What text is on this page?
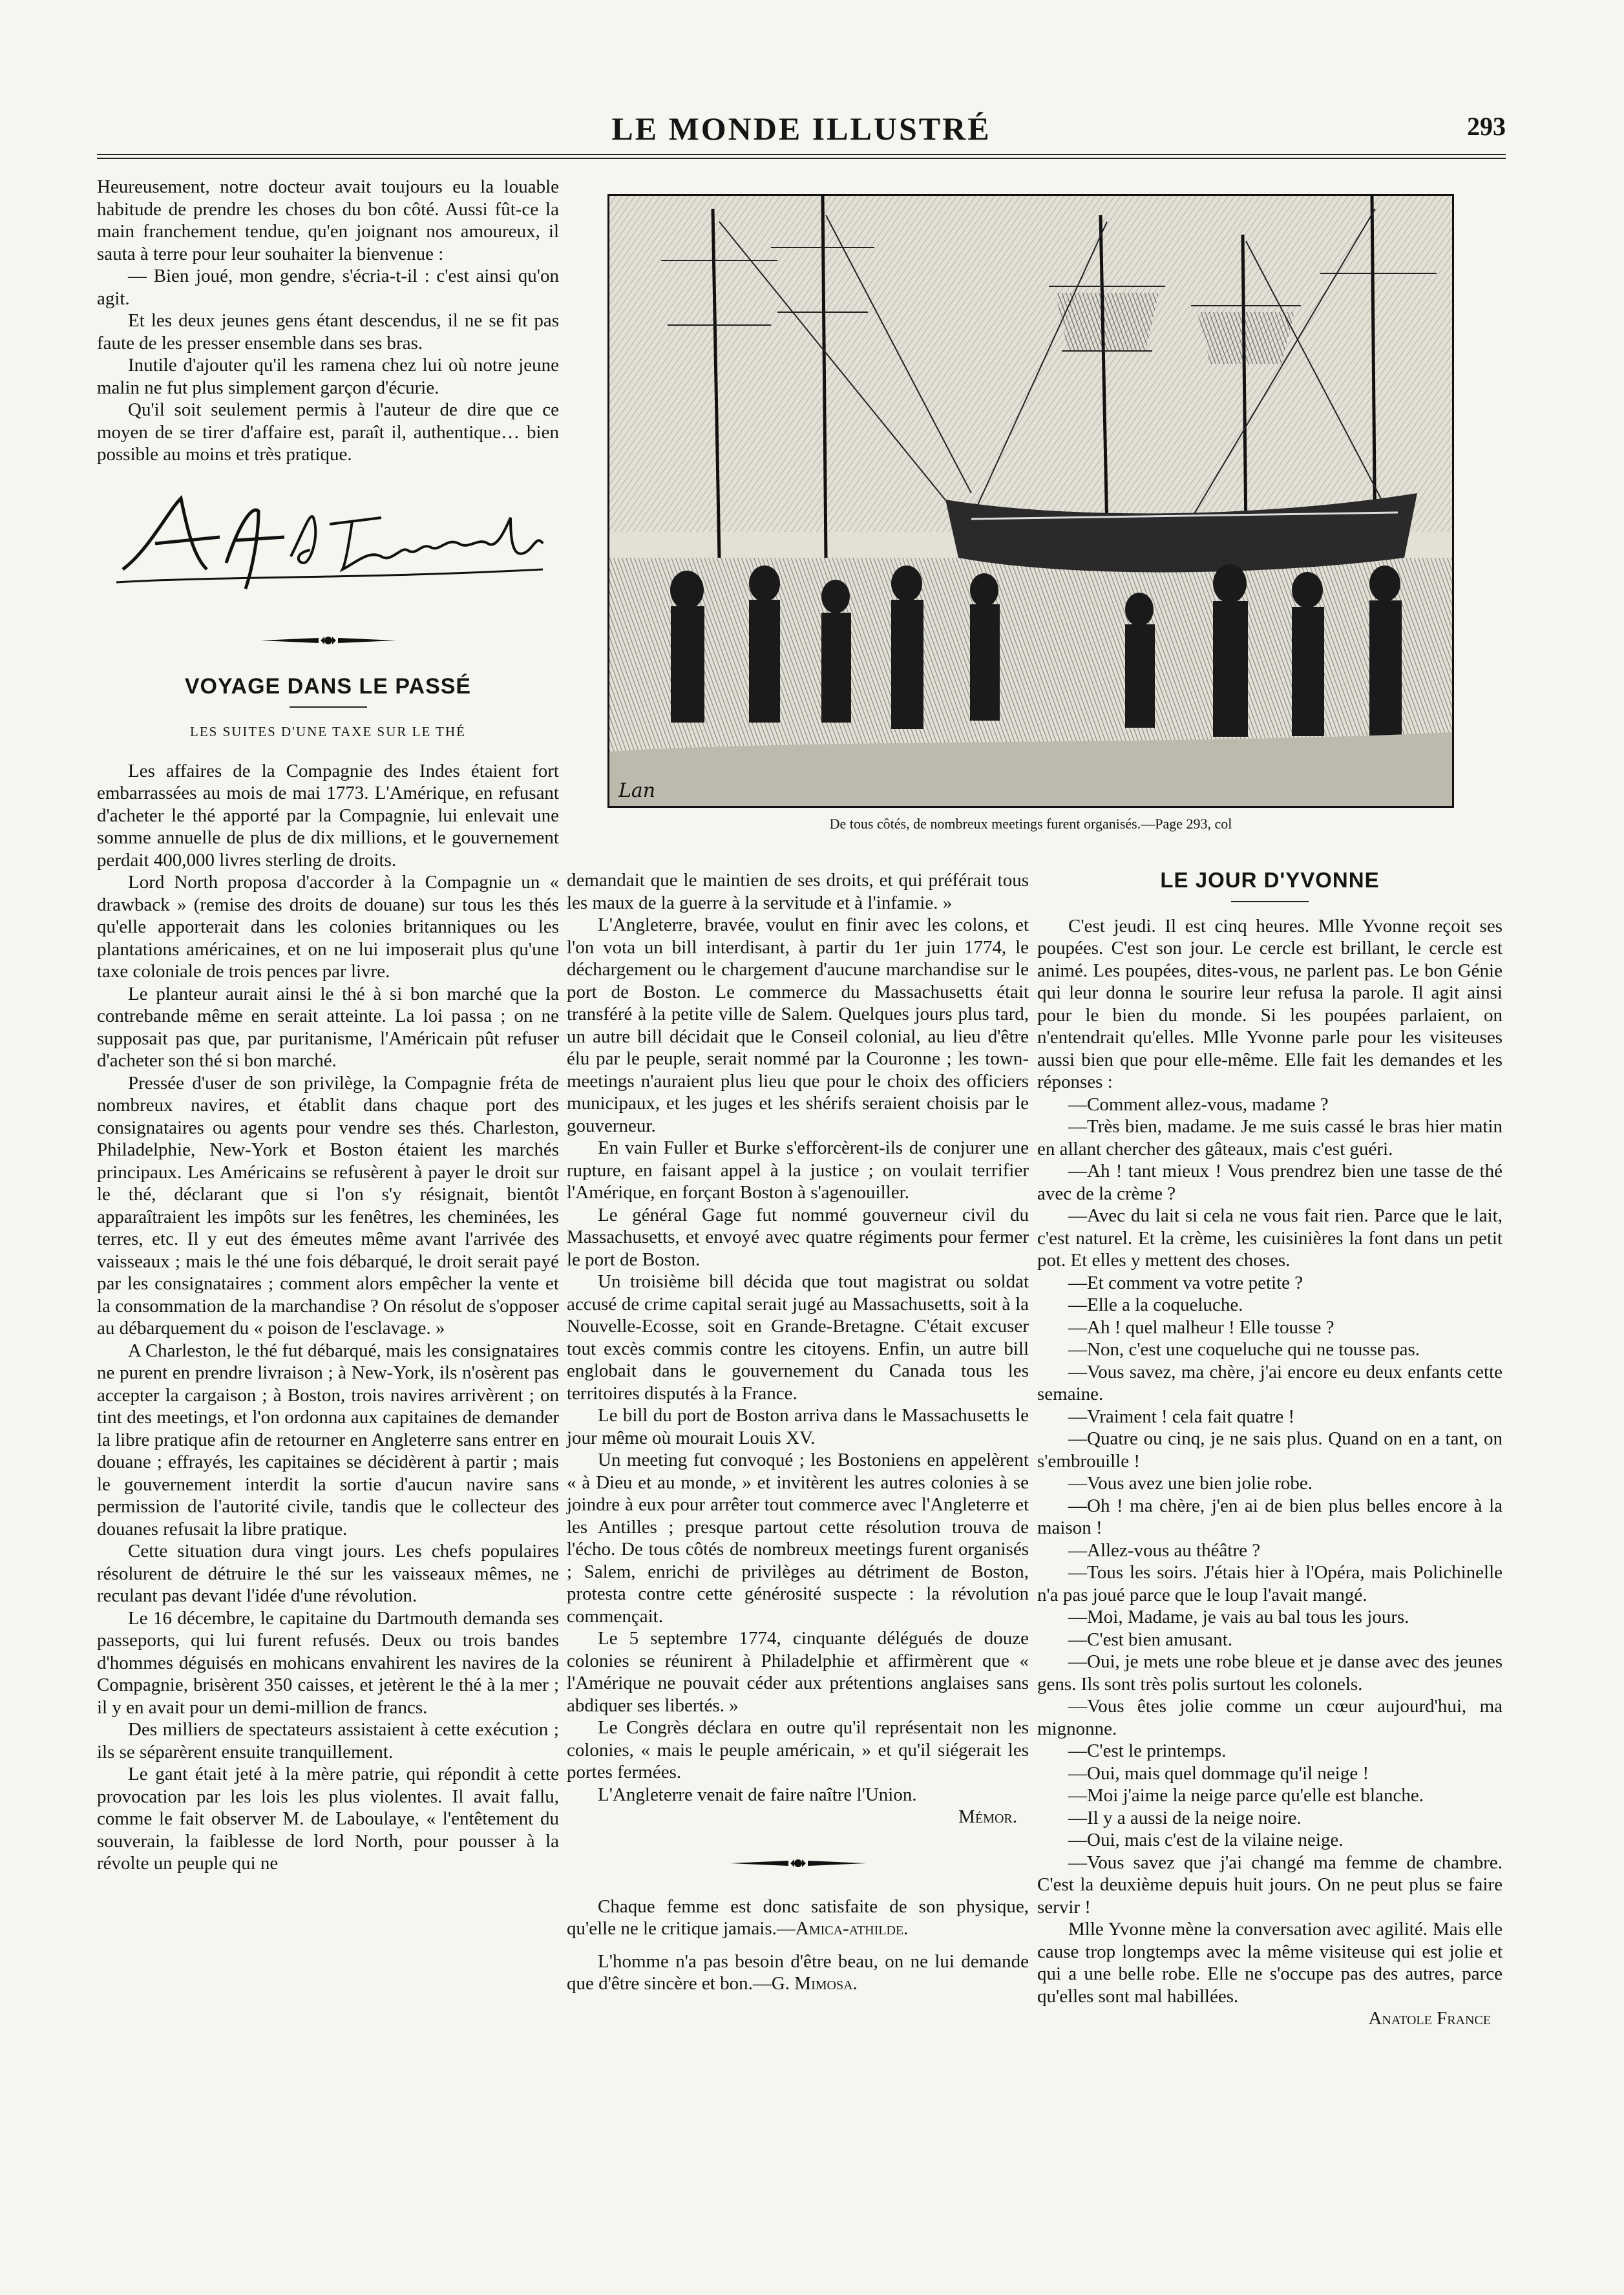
LE MONDE ILLUSTRÉ	293

Heureusement, notre docteur avait toujours eu la louable habitude de prendre les choses du bon côté. Aussi fût-ce la main franchement tendue, qu'en joignant nos amoureux, il sauta à terre pour leur souhaiter la bienvenue :

— Bien joué, mon gendre, s'écria-t-il : c'est ainsi qu'on agit.

Et les deux jeunes gens étant descendus, il ne se fit pas faute de les presser ensemble dans ses bras.

Inutile d'ajouter qu'il les ramena chez lui où notre jeune malin ne fut plus simplement garçon d'écurie.

Qu'il soit seulement permis à l'auteur de dire que ce moyen de se tirer d'affaire est, paraît il, authentique… bien possible au moins et très pratique.

VOYAGE DANS LE PASSÉ
LES SUITES D'UNE TAXE SUR LE THÉ

Les affaires de la Compagnie des Indes étaient fort embarrassées au mois de mai 1773. L'Amérique, en refusant d'acheter le thé apporté par la Compagnie, lui enlevait une somme annuelle de plus de dix millions, et le gouvernement perdait 400,000 livres sterling de droits.

Lord North proposa d'accorder à la Compagnie un « drawback » (remise des droits de douane) sur tous les thés qu'elle apporterait dans les colonies britanniques ou les plantations américaines, et on ne lui imposerait plus qu'une taxe coloniale de trois pences par livre.

Le planteur aurait ainsi le thé à si bon marché que la contrebande même en serait atteinte. La loi passa ; on ne supposait pas que, par puritanisme, l'Américain pût refuser d'acheter son thé si bon marché.

Pressée d'user de son privilège, la Compagnie fréta de nombreux navires, et établit dans chaque port des consignataires ou agents pour vendre ses thés. Charleston, Philadelphie, New-York et Boston étaient les marchés principaux. Les Américains se refusèrent à payer le droit sur le thé, déclarant que si l'on s'y résignait, bientôt apparaîtraient les impôts sur les fenêtres, les cheminées, les terres, etc. Il y eut des émeutes même avant l'arrivée des vaisseaux ; mais le thé une fois débarqué, le droit serait payé par les consignataires ; comment alors empêcher la vente et la consommation de la marchandise ? On résolut de s'opposer au débarquement du « poison de l'esclavage. »

A Charleston, le thé fut débarqué, mais les consignataires ne purent en prendre livraison ; à New-York, ils n'osèrent pas accepter la cargaison ; à Boston, trois navires arrivèrent ; on tint des meetings, et l'on ordonna aux capitaines de demander la libre pratique afin de retourner en Angleterre sans entrer en douane ; effrayés, les capitaines se décidèrent à partir ; mais le gouvernement interdit la sortie d'aucun navire sans permission de l'autorité civile, tandis que le collecteur des douanes refusait la libre pratique.

Cette situation dura vingt jours. Les chefs populaires résolurent de détruire le thé sur les vaisseaux mêmes, ne reculant pas devant l'idée d'une révolution.

Le 16 décembre, le capitaine du Dartmouth demanda ses passeports, qui lui furent refusés. Deux ou trois bandes d'hommes déguisés en mohicans envahirent les navires de la Compagnie, brisèrent 350 caisses, et jetèrent le thé à la mer ; il y en avait pour un demi-million de francs.

Des milliers de spectateurs assistaient à cette exécution ; ils se séparèrent ensuite tranquillement.

Le gant était jeté à la mère patrie, qui répondit à cette provocation par les lois les plus violentes. Il avait fallu, comme le fait observer M. de Laboulaye, « l'entêtement du souverain, la faiblesse de lord North, pour pousser à la révolte un peuple qui ne

Lan
De tous côtés, de nombreux meetings furent organisés.—Page 293, col

demandait que le maintien de ses droits, et qui préférait tous les maux de la guerre à la servitude et à l'infamie. »

L'Angleterre, bravée, voulut en finir avec les colons, et l'on vota un bill interdisant, à partir du 1er juin 1774, le déchargement ou le chargement d'aucune marchandise sur le port de Boston. Le commerce du Massachusetts était transféré à la petite ville de Salem. Quelques jours plus tard, un autre bill décidait que le Conseil colonial, au lieu d'être élu par le peuple, serait nommé par la Couronne ; les town-meetings n'auraient plus lieu que pour le choix des officiers municipaux, et les juges et les shérifs seraient choisis par le gouverneur.

En vain Fuller et Burke s'efforcèrent-ils de conjurer une rupture, en faisant appel à la justice ; on voulait terrifier l'Amérique, en forçant Boston à s'agenouiller.

Le général Gage fut nommé gouverneur civil du Massachusetts, et envoyé avec quatre régiments pour fermer le port de Boston.

Un troisième bill décida que tout magistrat ou soldat accusé de crime capital serait jugé au Massachusetts, soit à la Nouvelle-Ecosse, soit en Grande-Bretagne. C'était excuser tout excès commis contre les citoyens. Enfin, un autre bill englobait dans le gouvernement du Canada tous les territoires disputés à la France.

Le bill du port de Boston arriva dans le Massachusetts le jour même où mourait Louis XV.

Un meeting fut convoqué ; les Bostoniens en appelèrent « à Dieu et au monde, » et invitèrent les autres colonies à se joindre à eux pour arrêter tout commerce avec l'Angleterre et les Antilles ; presque partout cette résolution trouva de l'écho. De tous côtés de nombreux meetings furent organisés ; Salem, enrichi de privilèges au détriment de Boston, protesta contre cette générosité suspecte : la révolution commençait.

Le 5 septembre 1774, cinquante délégués de douze colonies se réunirent à Philadelphie et affirmèrent que « l'Amérique ne pouvait céder aux prétentions anglaises sans abdiquer ses libertés. »

Le Congrès déclara en outre qu'il représentait non les colonies, « mais le peuple américain, » et qu'il siégerait les portes fermées.

L'Angleterre venait de faire naître l'Union.

Mémor.

Chaque femme est donc satisfaite de son physique, qu'elle ne le critique jamais.—Amica-athilde.

L'homme n'a pas besoin d'être beau, on ne lui demande que d'être sincère et bon.—G. Mimosa.

LE JOUR D'YVONNE

C'est jeudi. Il est cinq heures. Mlle Yvonne reçoit ses poupées. C'est son jour. Le cercle est brillant, le cercle est animé. Les poupées, dites-vous, ne parlent pas. Le bon Génie qui leur donna le sourire leur refusa la parole. Il agit ainsi pour le bien du monde. Si les poupées parlaient, on n'entendrait qu'elles. Mlle Yvonne parle pour les visiteuses aussi bien que pour elle-même. Elle fait les demandes et les réponses :

—Comment allez-vous, madame ?

—Très bien, madame. Je me suis cassé le bras hier matin en allant chercher des gâteaux, mais c'est guéri.

—Ah ! tant mieux ! Vous prendrez bien une tasse de thé avec de la crème ?

—Avec du lait si cela ne vous fait rien. Parce que le lait, c'est naturel. Et la crème, les cuisinières la font dans un petit pot. Et elles y mettent des choses.

—Et comment va votre petite ?

—Elle a la coqueluche.

—Ah ! quel malheur ! Elle tousse ?

—Non, c'est une coqueluche qui ne tousse pas.

—Vous savez, ma chère, j'ai encore eu deux enfants cette semaine.

—Vraiment ! cela fait quatre !

—Quatre ou cinq, je ne sais plus. Quand on en a tant, on s'embrouille !

—Vous avez une bien jolie robe.

—Oh ! ma chère, j'en ai de bien plus belles encore à la maison !

—Allez-vous au théâtre ?

—Tous les soirs. J'étais hier à l'Opéra, mais Polichinelle n'a pas joué parce que le loup l'avait mangé.

—Moi, Madame, je vais au bal tous les jours.

—C'est bien amusant.

—Oui, je mets une robe bleue et je danse avec des jeunes gens. Ils sont très polis surtout les colonels.

—Vous êtes jolie comme un cœur aujourd'hui, ma mignonne.

—C'est le printemps.

—Oui, mais quel dommage qu'il neige !

—Moi j'aime la neige parce qu'elle est blanche.

—Il y a aussi de la neige noire.

—Oui, mais c'est de la vilaine neige.

—Vous savez que j'ai changé ma femme de chambre. C'est la deuxième depuis huit jours. On ne peut plus se faire servir !

Mlle Yvonne mène la conversation avec agilité. Mais elle cause trop longtemps avec la même visiteuse qui est jolie et qui a une belle robe. Elle ne s'occupe pas des autres, parce qu'elles sont mal habillées.

Anatole France
